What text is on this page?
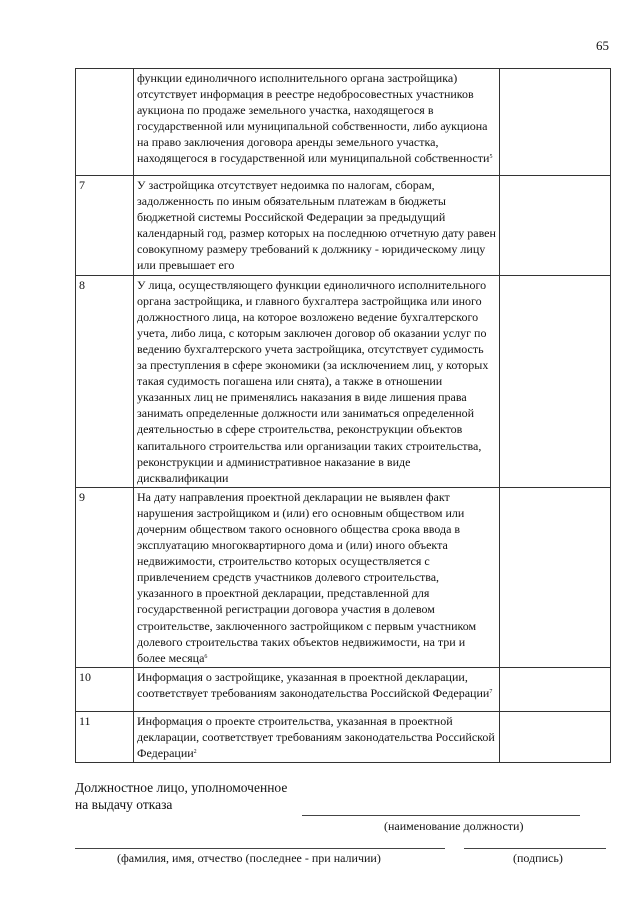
65
	функции единоличного исполнительного органа застройщика) отсутствует информация в реестре недобросовестных участников аукциона по продаже земельного участка, находящегося в государственной или муниципальной собственности, либо аукциона на право заключения договора аренды земельного участка, находящегося в государственной или муниципальной собственности$^5$	
7	У застройщика отсутствует недоимка по налогам, сборам, задолженность по иным обязательным платежам в бюджеты бюджетной системы Российской Федерации за предыдущий календарный год, размер которых на последнюю отчетную дату равен совокупному размеру требований к должнику - юридическому лицу или превышает его	
8	У лица, осуществляющего функции единоличного исполнительного органа застройщика, и главного бухгалтера застройщика или иного должностного лица, на которое возложено ведение бухгалтерского учета, либо лица, с которым заключен договор об оказании услуг по ведению бухгалтерского учета застройщика, отсутствует судимость за преступления в сфере экономики (за исключением лиц, у которых такая судимость погашена или снята), а также в отношении указанных лиц не применялись наказания в виде лишения права занимать определенные должности или заниматься определенной деятельностью в сфере строительства, реконструкции объектов капитального строительства или организации таких строительства, реконструкции и административное наказание в виде дисквалификации	
9	На дату направления проектной декларации не выявлен факт нарушения застройщиком и (или) его основным обществом или дочерним обществом такого основного общества срока ввода в эксплуатацию многоквартирного дома и (или) иного объекта недвижимости, строительство которых осуществляется с привлечением средств участников долевого строительства, указанного в проектной декларации, представленной для государственной регистрации договора участия в долевом строительстве, заключенного застройщиком с первым участником долевого строительства таких объектов недвижимости, на три и более месяца$^6$	
10	Информация о застройщике, указанная в проектной декларации, соответствует требованиям законодательства Российской Федерации$^7$	
11	Информация о проекте строительства, указанная в проектной декларации, соответствует требованиям законодательства Российской Федерации$^2$	
Должностное лицо, уполномоченное
на выдачу отказа
(наименование должности)
(фамилия, имя, отчество (последнее - при наличии)	(подпись)
